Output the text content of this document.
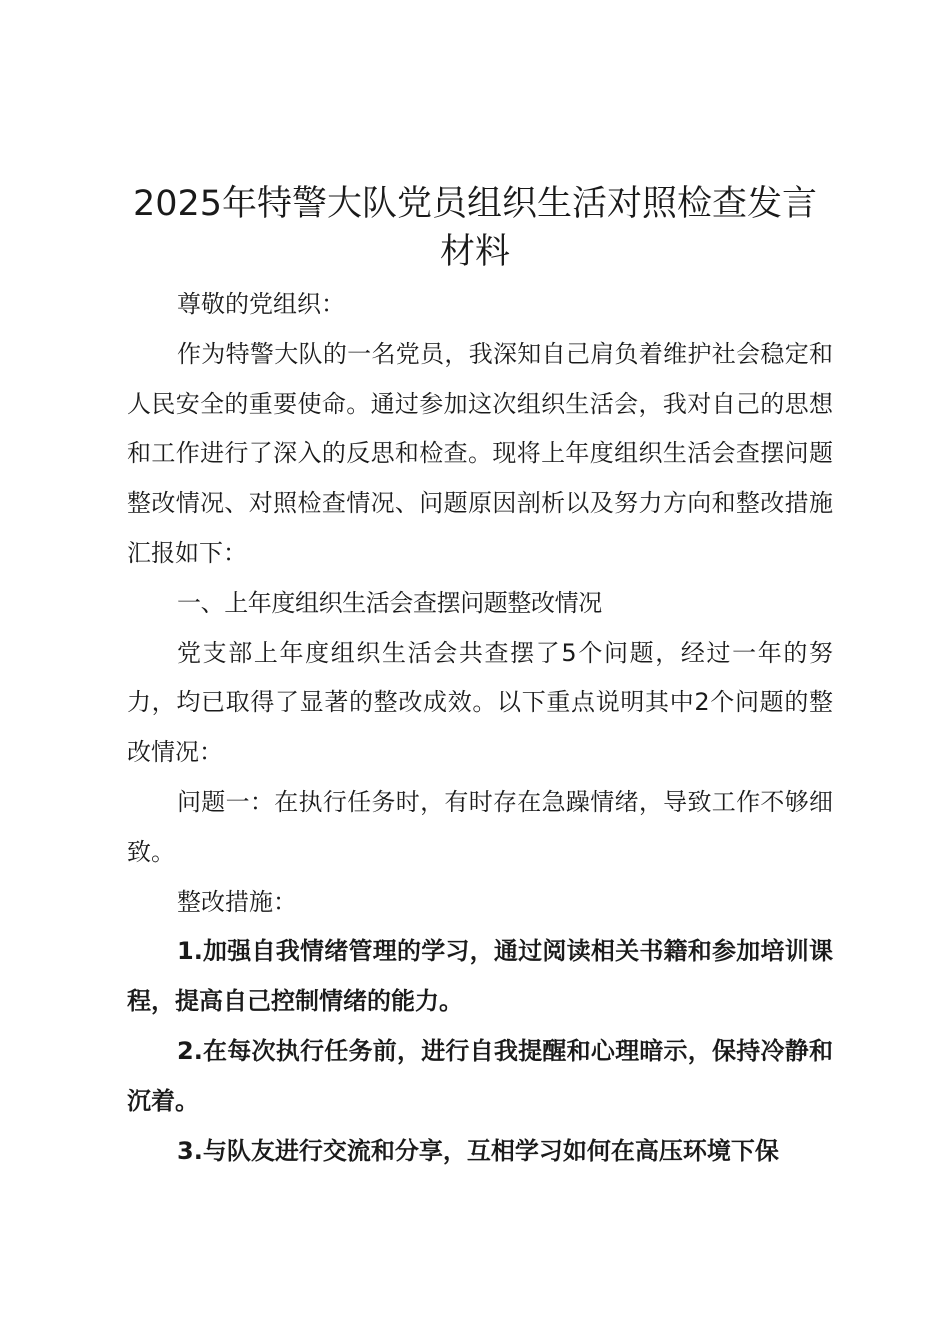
2025年特警大队党员组织生活对照检查发言材料

尊敬的党组织：

作为特警大队的一名党员，我深知自己肩负着维护社会稳定和人民安全的重要使命。通过参加这次组织生活会，我对自己的思想和工作进行了深入的反思和检查。现将上年度组织生活会查摆问题整改情况、对照检查情况、问题原因剖析以及努力方向和整改措施汇报如下：

一、上年度组织生活会查摆问题整改情况

党支部上年度组织生活会共查摆了5个问题，经过一年的努力，均已取得了显著的整改成效。以下重点说明其中2个问题的整改情况：

问题一：在执行任务时，有时存在急躁情绪，导致工作不够细致。

整改措施：

1.加强自我情绪管理的学习，通过阅读相关书籍和参加培训课程，提高自己控制情绪的能力。

2.在每次执行任务前，进行自我提醒和心理暗示，保持冷静和沉着。

3.与队友进行交流和分享，互相学习如何在高压环境下保
